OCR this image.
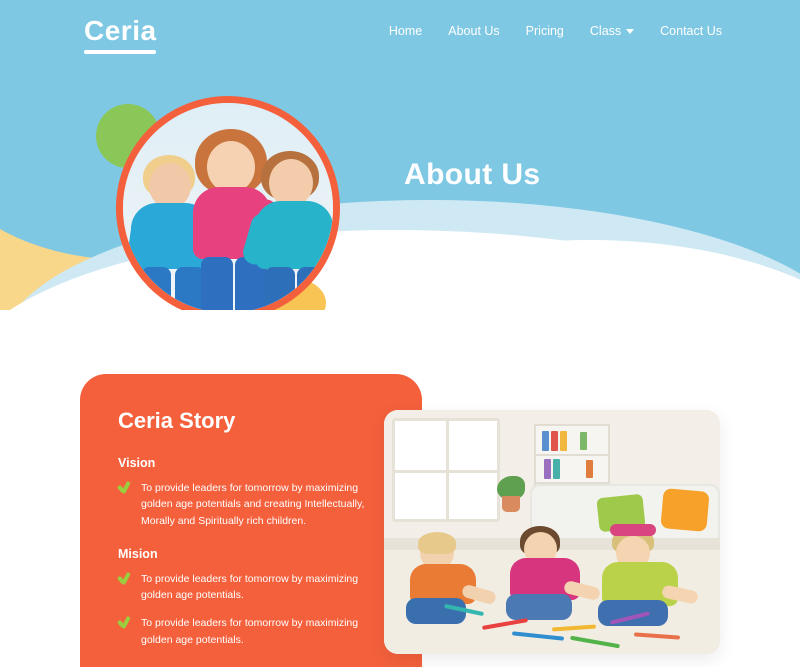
Ceria	Home About Us Pricing Class	Contact Us
About Us
Ceria Story
Vision
To provide leaders for tomorrow by maximizing golden age potentials and creating Intellectually, Morally and Spiritually rich children.
Mision
To provide leaders for tomorrow by maximizing golden age potentials.
To provide leaders for tomorrow by maximizing golden age potentials.
